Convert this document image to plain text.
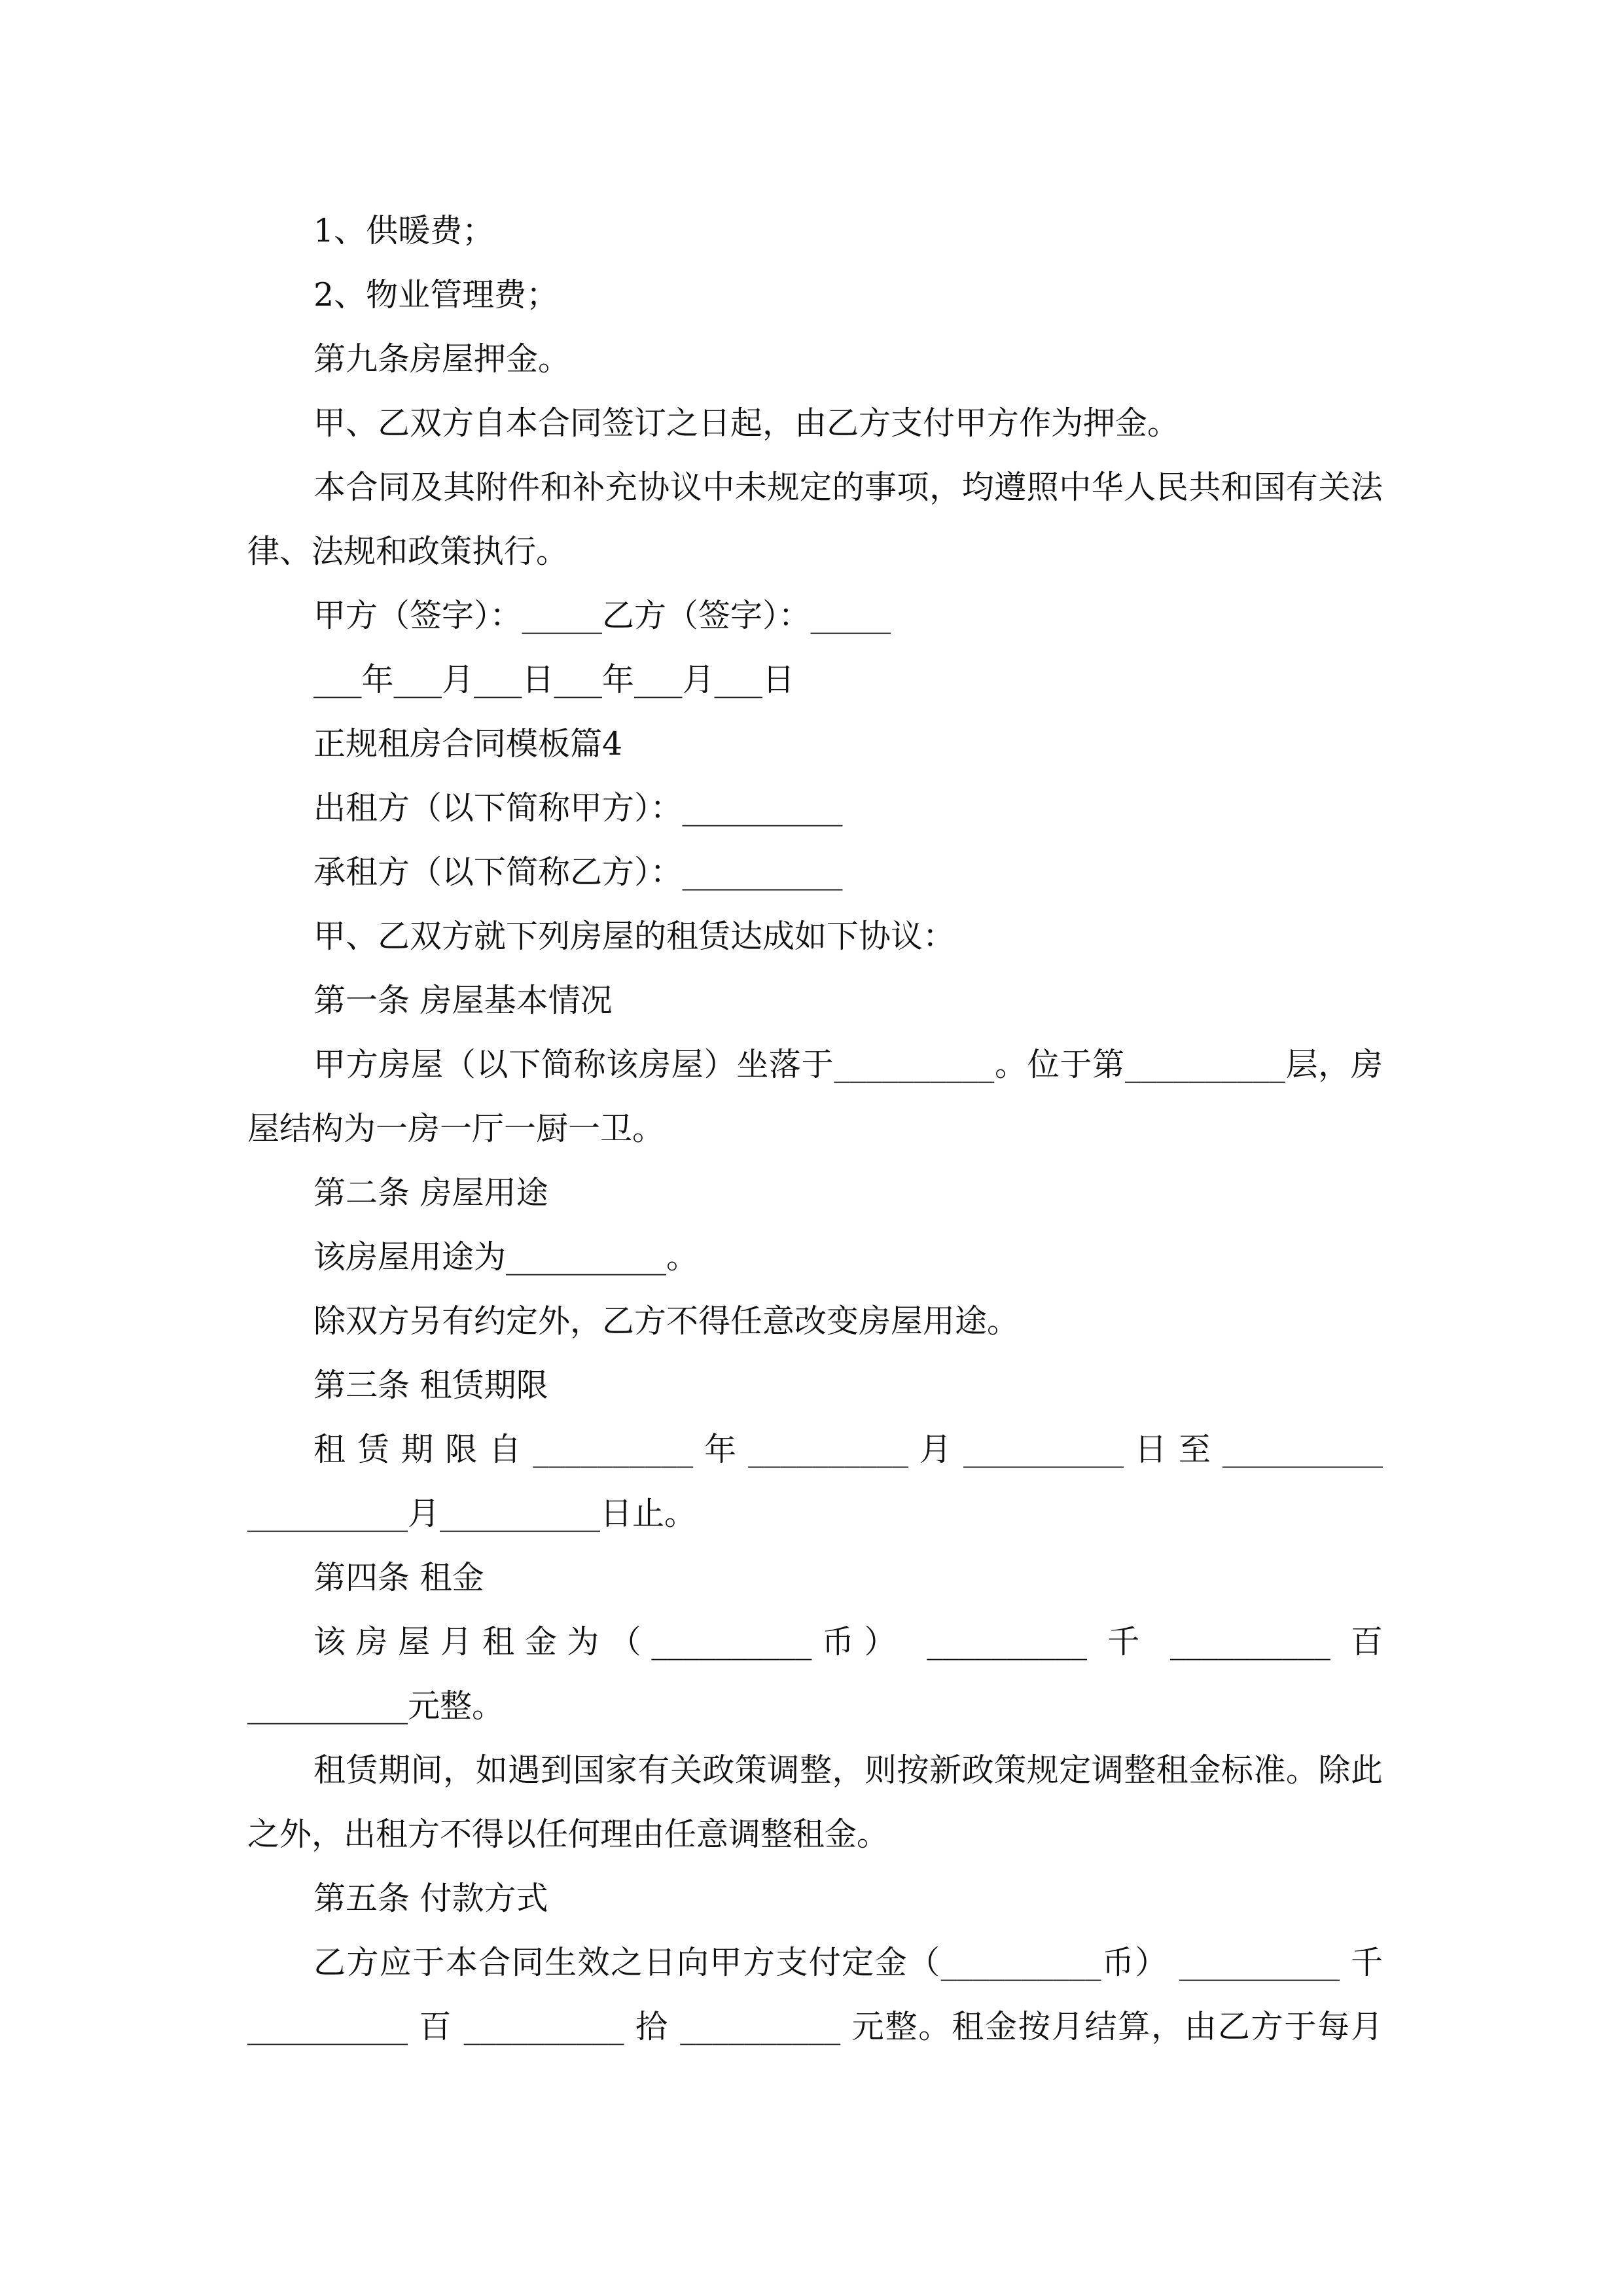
1、供暖费；
2、物业管理费；
第九条房屋押金。
甲、乙双方自本合同签订之日起，由乙方支付甲方作为押金。
本合同及其附件和补充协议中未规定的事项，均遵照中华人民共和国有关法
律、法规和政策执行。
甲方（签字）：_____乙方（签字）：_____
___年___月___日___年___月___日
正规租房合同模板篇4
出租方（以下简称甲方）：__________
承租方（以下简称乙方）：__________
甲、乙双方就下列房屋的租赁达成如下协议：
第一条 房屋基本情况
甲方房屋（以下简称该房屋）坐落于__________。位于第__________层，房
屋结构为一房一厅一厨一卫。
第二条 房屋用途
该房屋用途为__________。
除双方另有约定外，乙方不得任意改变房屋用途。
第三条 租赁期限
租 赁 期 限 自 __________ 年 __________ 月 __________ 日 至 __________
__________月__________日止。
第四条 租金
该房屋月租金为（__________币） __________ 千 __________ 百
__________元整。
租赁期间，如遇到国家有关政策调整，则按新政策规定调整租金标准。除此
之外，出租方不得以任何理由任意调整租金。
第五条 付款方式
乙方应于本合同生效之日向甲方支付定金（__________币） __________ 千
__________ 百 __________ 拾 __________ 元整。租金按月结算，由乙方于每月
